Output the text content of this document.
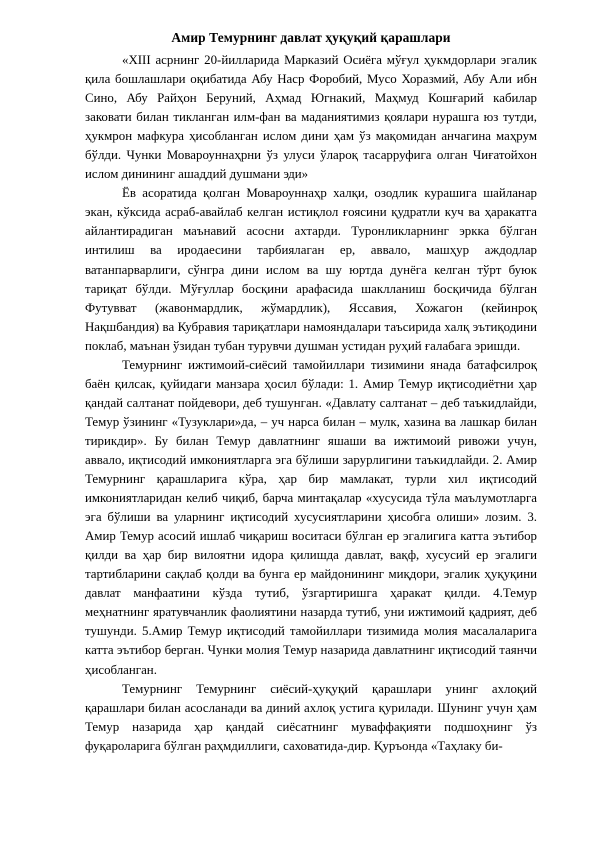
Амир Темурнинг давлат ҳуқуқий қарашлари

«XIII асрнинг 20-йилларида Марказий Осиёга мўғул ҳукмдорлари эгалик қила бошлашлари оқибатида Абу Наср Форобий, Мусо Хоразмий, Абу Али ибн Сино, Абу Райҳон Беруний, Аҳмад Югнакий, Маҳмуд Кошғарий кабилар заковати билан тикланган илм-фан ва маданиятимиз қоялари нурашга юз тутди, ҳукмрон мафкура ҳисобланган ислом дини ҳам ўз мақомидан анчагина маҳрум бўлди. Чунки Мовароуннаҳрни ўз улуси ўлароқ тасарруфига олган Чиғатойхон ислом динининг ашаддий душмани эди»

Ёв асоратида қолган Мовароуннаҳр халқи, озодлик курашига шайланар экан, кўксида асраб-авайлаб келган истиқлол ғоясини қудратли куч ва ҳаракатга айлантирадиган маънавий асосни ахтарди. Туронликларнинг эркка бўлган интилиш ва иродаесини тарбиялаган ер, аввало, машҳур аждодлар ватанпарварлиги, сўнгра дини ислом ва шу юртда дунёга келган тўрт буюк тариқат бўлди. Мўғуллар босқини арафасида шаклланиш босқичида бўлган Футувват (жавонмардлик, жўмардлик), Яссавия, Хожагон (кейинроқ Нақшбандия) ва Кубравия тариқатлари намояндалари таъсирида халқ эътиқодини поклаб, маънан ўзидан тубан турувчи душман устидан руҳий ғалабага эришди.

Темурнинг ижтимоий-сиёсий тамойиллари тизимини янада батафсилроқ баён қилсак, қуйидаги манзара ҳосил бўлади: 1. Амир Темур иқтисодиётни ҳар қандай салтанат пойдевори, деб тушунган. «Давлату салтанат – деб таъкидлайди, Темур ўзининг «Тузуклари»да, – уч нарса билан – мулк, хазина ва лашкар билан тирикдир». Бу билан Темур давлатнинг яшаши ва ижтимоий ривожи учун, аввало, иқтисодий имкониятларга эга бўлиши зарурлигини таъкидлайди. 2. Амир Темурнинг қарашларига кўра, ҳар бир мамлакат, турли хил иқтисодий имкониятларидан келиб чиқиб, барча минтақалар «хусусида тўла маълумотларга эга бўлиши ва уларнинг иқтисодий хусусиятларини ҳисобга олиши» лозим. 3. Амир Темур асосий ишлаб чиқариш воситаси бўлган ер эгалигига катта эътибор қилди ва ҳар бир вилоятни идора қилишда давлат, вақф, хусусий ер эгалиги тартибларини сақлаб қолди ва бунга ер майдонининг миқдори, эгалик ҳуқуқини давлат манфаатини кўзда тутиб, ўзгартиришга ҳаракат қилди. 4.Темур меҳнатнинг яратувчанлик фаолиятини назарда тутиб, уни ижтимоий қадрият, деб тушунди. 5.Амир Темур иқтисодий тамойиллари тизимида молия масалаларига катта эътибор берган. Чунки молия Темур назарида давлатнинг иқтисодий таянчи ҳисобланган.

Темурнинг Темурнинг сиёсий-ҳуқуқий қарашлари унинг ахлоқий қарашлари билан асосланади ва диний ахлоқ устига қурилади. Шунинг учун ҳам Темур назарида ҳар қандай сиёсатнинг муваффақияти подшоҳнинг ўз фуқароларига бўлган раҳмдиллиги, саховатида-дир. Қуръонда «Таҳлаку би-
